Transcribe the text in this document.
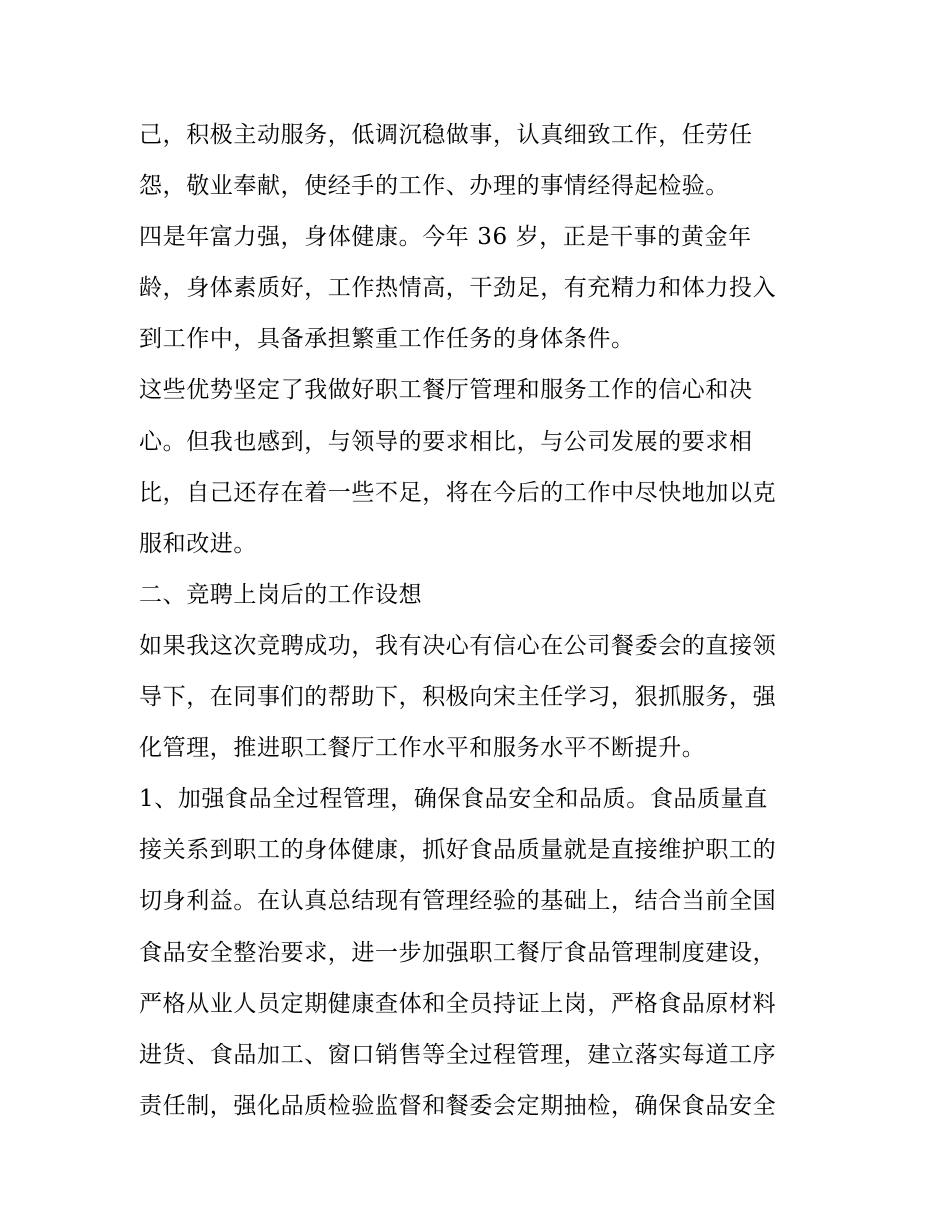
己，积极主动服务，低调沉稳做事，认真细致工作，任劳任
怨，敬业奉献，使经手的工作、办理的事情经得起检验。
四是年富力强，身体健康。今年 36 岁，正是干事的黄金年
龄，身体素质好，工作热情高，干劲足，有充精力和体力投入
到工作中，具备承担繁重工作任务的身体条件。
这些优势坚定了我做好职工餐厅管理和服务工作的信心和决
心。但我也感到，与领导的要求相比，与公司发展的要求相
比，自己还存在着一些不足，将在今后的工作中尽快地加以克
服和改进。
二、竞聘上岗后的工作设想
如果我这次竞聘成功，我有决心有信心在公司餐委会的直接领
导下，在同事们的帮助下，积极向宋主任学习，狠抓服务，强
化管理，推进职工餐厅工作水平和服务水平不断提升。
1、加强食品全过程管理，确保食品安全和品质。食品质量直
接关系到职工的身体健康，抓好食品质量就是直接维护职工的
切身利益。在认真总结现有管理经验的基础上，结合当前全国
食品安全整治要求，进一步加强职工餐厅食品管理制度建设，
严格从业人员定期健康查体和全员持证上岗，严格食品原材料
进货、食品加工、窗口销售等全过程管理，建立落实每道工序
责任制，强化品质检验监督和餐委会定期抽检，确保食品安全
